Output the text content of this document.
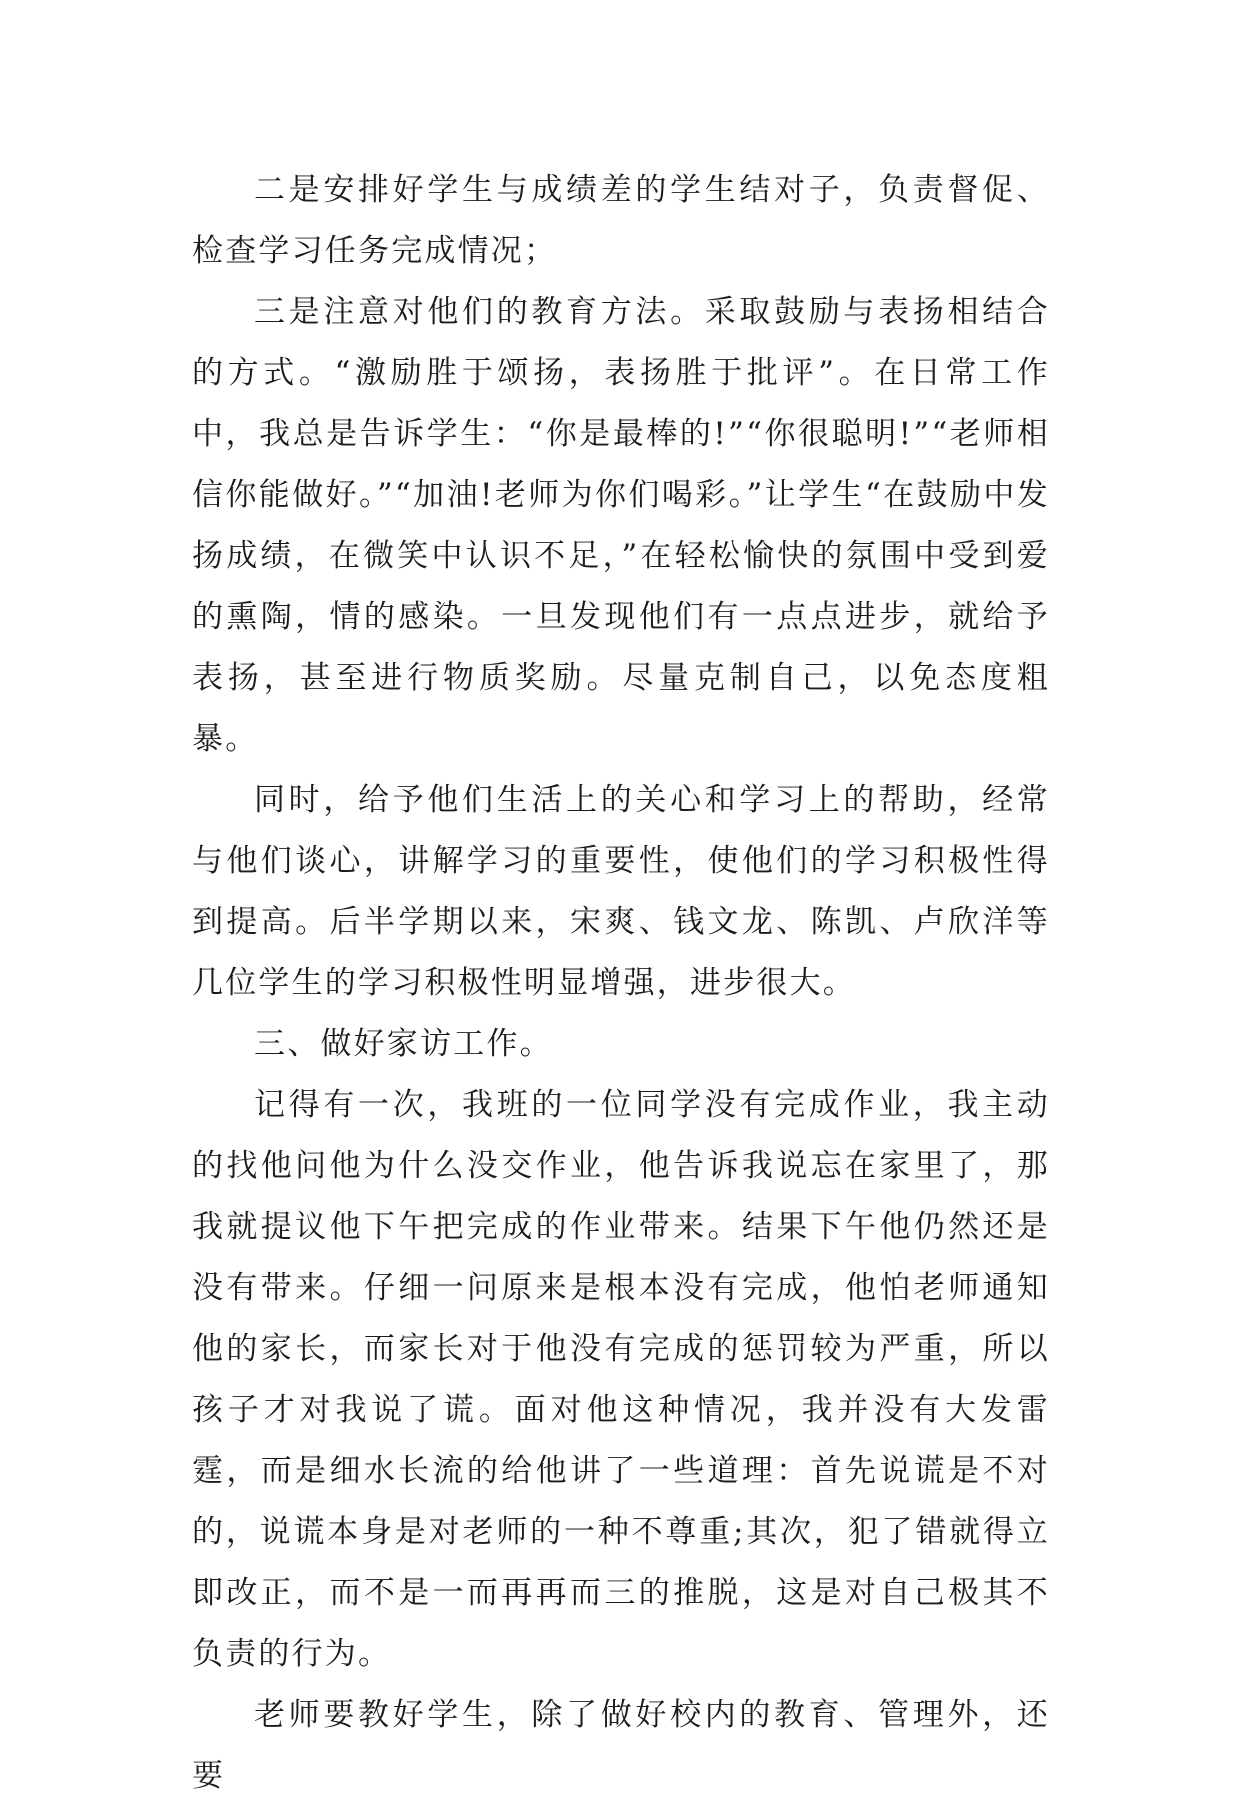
二是安排好学生与成绩差的学生结对子，负责督促、检查学习任务完成情况；

三是注意对他们的教育方法。采取鼓励与表扬相结合的方式。“激励胜于颂扬，表扬胜于批评”。在日常工作中，我总是告诉学生：“你是最棒的!”“你很聪明!”“老师相信你能做好。”“加油!老师为你们喝彩。”让学生“在鼓励中发扬成绩，在微笑中认识不足，”在轻松愉快的氛围中受到爱的熏陶，情的感染。一旦发现他们有一点点进步，就给予表扬，甚至进行物质奖励。尽量克制自己，以免态度粗暴。

同时，给予他们生活上的关心和学习上的帮助，经常与他们谈心，讲解学习的重要性，使他们的学习积极性得到提高。后半学期以来，宋爽、钱文龙、陈凯、卢欣洋等几位学生的学习积极性明显增强，进步很大。

三、做好家访工作。

记得有一次，我班的一位同学没有完成作业，我主动的找他问他为什么没交作业，他告诉我说忘在家里了，那我就提议他下午把完成的作业带来。结果下午他仍然还是没有带来。仔细一问原来是根本没有完成，他怕老师通知他的家长，而家长对于他没有完成的惩罚较为严重，所以孩子才对我说了谎。面对他这种情况，我并没有大发雷霆，而是细水长流的给他讲了一些道理：首先说谎是不对的，说谎本身是对老师的一种不尊重;其次，犯了错就得立即改正，而不是一而再再而三的推脱，这是对自己极其不负责的行为。

老师要教好学生，除了做好校内的教育、管理外，还要
